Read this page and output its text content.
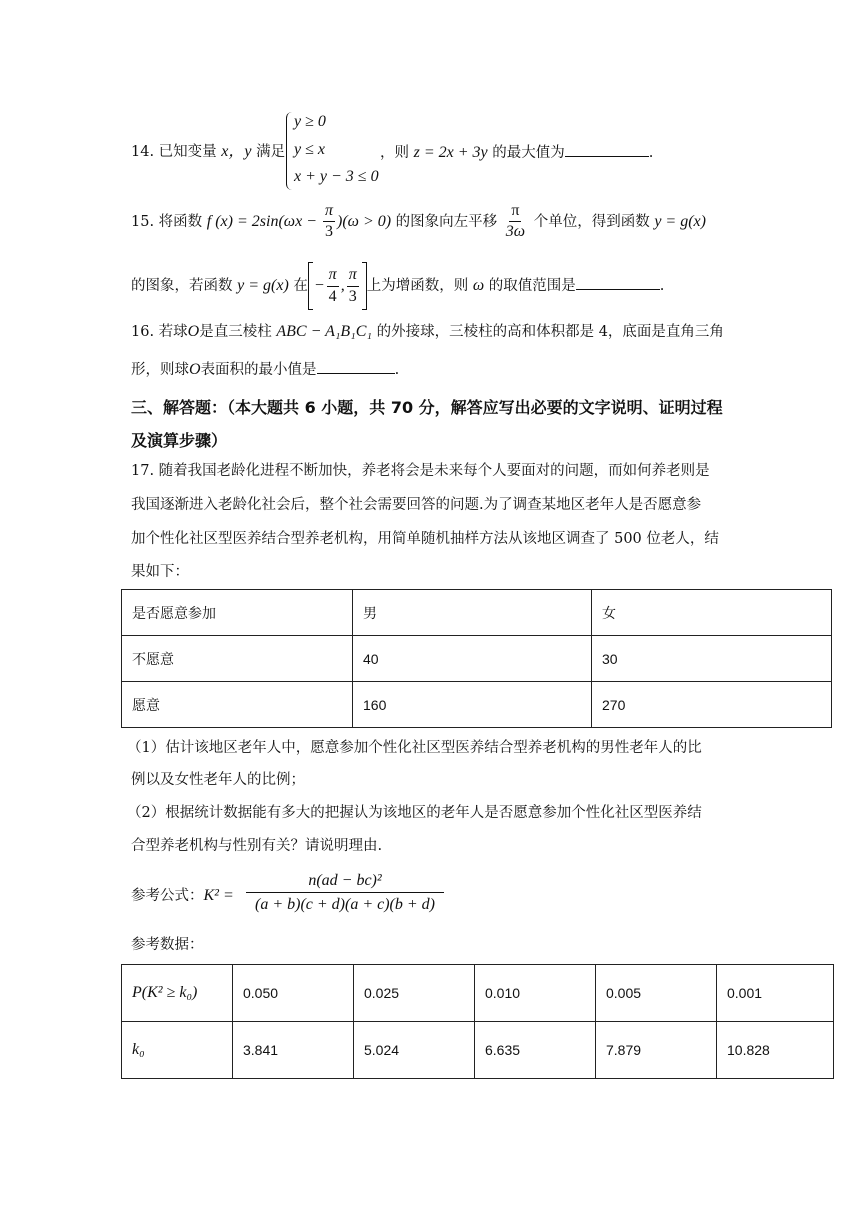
14. 已知变量 x，y 满足
y ≥ 0
y ≤ x
x + y − 3 ≤ 0
，则 z = 2x + 3y 的最大值为	.
15. 将函数 f $(x) = 2\sin(\omega x - \frac{\pi}{3} )(\omega > 0)$ 的图象向左平移 $\frac{\pi}{3\omega}$ 个单位，得到函数 y = g(x)
的图象，若函数 y = g(x) 在 − $\frac{\pi}{4}$ , $\frac{\pi}{3}$ 上为增函数，则 ω 的取值范围是	.
16. 若球O是直三棱柱 ABC − A₁B₁C₁ 的外接球，三棱柱的高和体积都是 4，底面是直角三角
形，则球O表面积的最小值是	.
三、解答题：（本大题共 6 小题，共 70 分，解答应写出必要的文字说明、证明过程
及演算步骤）
17. 随着我国老龄化进程不断加快，养老将会是未来每个人要面对的问题，而如何养老则是
我国逐渐进入老龄化社会后，整个社会需要回答的问题.为了调查某地区老年人是否愿意参
加个性化社区型医养结合型养老机构，用简单随机抽样方法从该地区调查了 500 位老人，结
果如下：
是否愿意参加	男	女
不愿意	40	30
愿意	160	270
（1）估计该地区老年人中，愿意参加个性化社区型医养结合型养老机构的男性老年人的比
例以及女性老年人的比例；
（2）根据统计数据能有多大的把握认为该地区的老年人是否愿意参加个性化社区型医养结
合型养老机构与性别有关？请说明理由.
参考公式：$K^2 = \frac{\text{n(ad − bc)²}}{(a + b)(c + d)(a + c)(b + d)}$
参考数据：
P(K² ≥ k₀)	0.050	0.025	0.010	0.005	0.001
k₀	3.841	5.024	6.635	7.879	10.828
